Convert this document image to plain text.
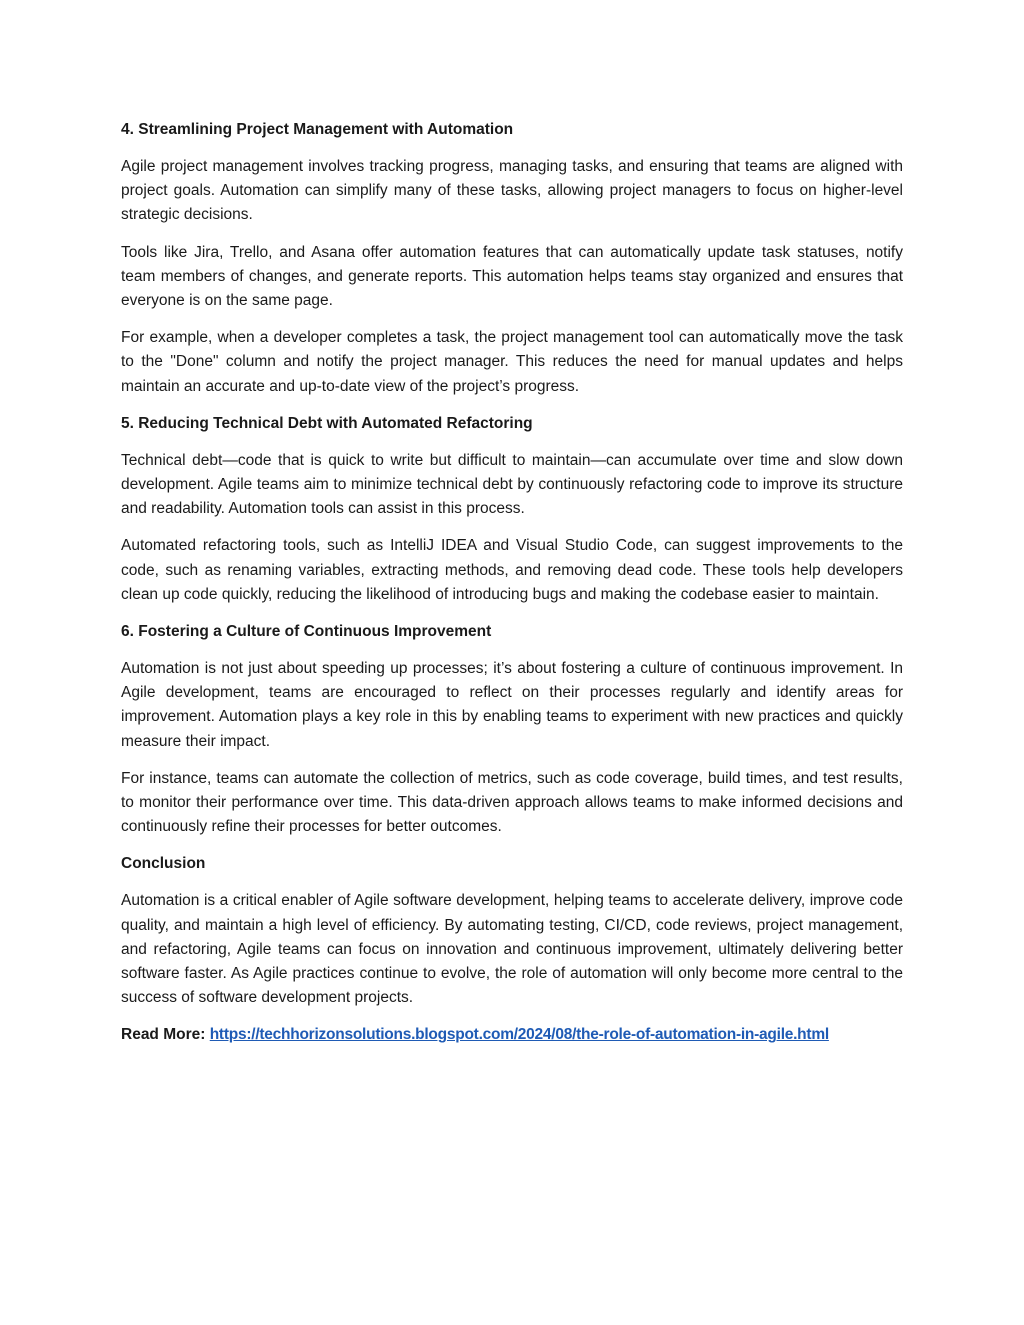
4. Streamlining Project Management with Automation

Agile project management involves tracking progress, managing tasks, and ensuring that teams are aligned with project goals. Automation can simplify many of these tasks, allowing project managers to focus on higher-level strategic decisions.

Tools like Jira, Trello, and Asana offer automation features that can automatically update task statuses, notify team members of changes, and generate reports. This automation helps teams stay organized and ensures that everyone is on the same page.

For example, when a developer completes a task, the project management tool can automatically move the task to the "Done" column and notify the project manager. This reduces the need for manual updates and helps maintain an accurate and up-to-date view of the project’s progress.

5. Reducing Technical Debt with Automated Refactoring

Technical debt—code that is quick to write but difficult to maintain—can accumulate over time and slow down development. Agile teams aim to minimize technical debt by continuously refactoring code to improve its structure and readability. Automation tools can assist in this process.

Automated refactoring tools, such as IntelliJ IDEA and Visual Studio Code, can suggest improvements to the code, such as renaming variables, extracting methods, and removing dead code. These tools help developers clean up code quickly, reducing the likelihood of introducing bugs and making the codebase easier to maintain.

6. Fostering a Culture of Continuous Improvement

Automation is not just about speeding up processes; it’s about fostering a culture of continuous improvement. In Agile development, teams are encouraged to reflect on their processes regularly and identify areas for improvement. Automation plays a key role in this by enabling teams to experiment with new practices and quickly measure their impact.

For instance, teams can automate the collection of metrics, such as code coverage, build times, and test results, to monitor their performance over time. This data-driven approach allows teams to make informed decisions and continuously refine their processes for better outcomes.

Conclusion

Automation is a critical enabler of Agile software development, helping teams to accelerate delivery, improve code quality, and maintain a high level of efficiency. By automating testing, CI/CD, code reviews, project management, and refactoring, Agile teams can focus on innovation and continuous improvement, ultimately delivering better software faster. As Agile practices continue to evolve, the role of automation will only become more central to the success of software development projects.

Read More: https://techhorizonsolutions.blogspot.com/2024/08/the-role-of-automation-in-agile.html
